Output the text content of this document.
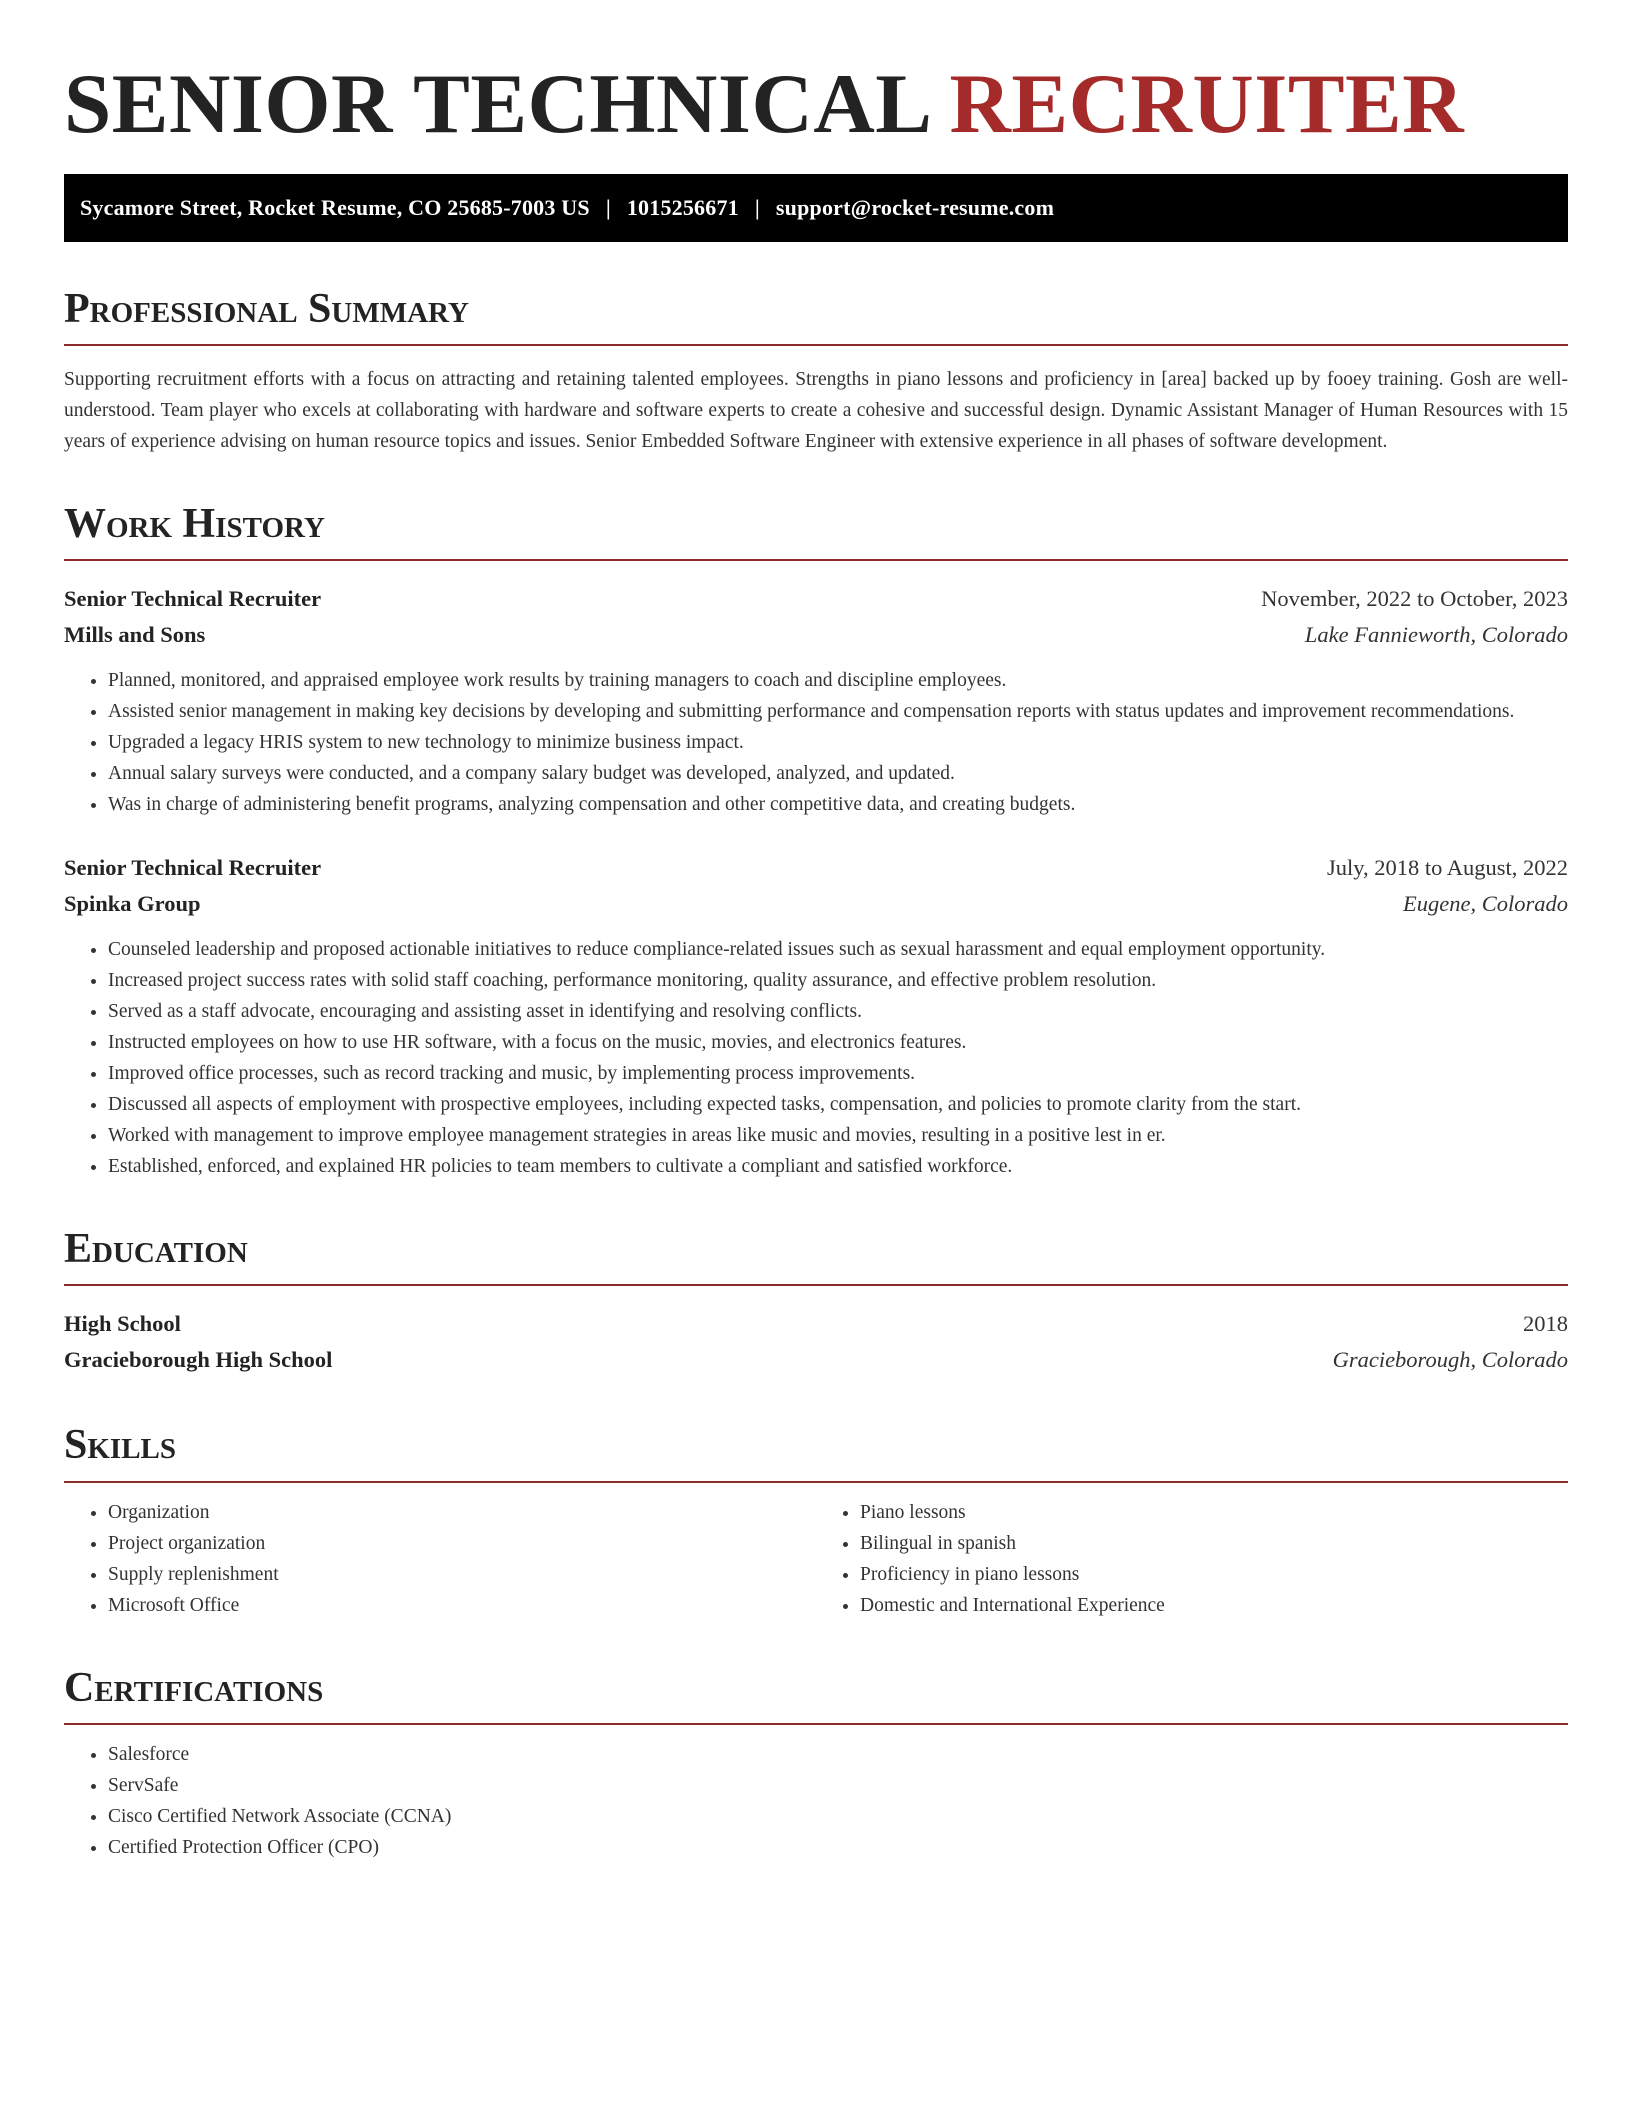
SENIOR TECHNICAL RECRUITER
Sycamore Street, Rocket Resume, CO 25685-7003 US | 1015256671 | support@rocket-resume.com
Professional Summary

Supporting recruitment efforts with a focus on attracting and retaining talented employees. Strengths in piano lessons and proficiency in [area] backed up by fooey training. Gosh are well-understood. Team player who excels at collaborating with hardware and software experts to create a cohesive and successful design. Dynamic Assistant Manager of Human Resources with 15 years of experience advising on human resource topics and issues. Senior Embedded Software Engineer with extensive experience in all phases of software development.

Work History
Senior Technical Recruiter	November, 2022 to October, 2023
Mills and Sons	Lake Fannieworth, Colorado
• Planned, monitored, and appraised employee work results by training managers to coach and discipline employees.
• Assisted senior management in making key decisions by developing and submitting performance and compensation reports with status updates and improvement recommendations.
• Upgraded a legacy HRIS system to new technology to minimize business impact.
• Annual salary surveys were conducted, and a company salary budget was developed, analyzed, and updated.
• Was in charge of administering benefit programs, analyzing compensation and other competitive data, and creating budgets.
Senior Technical Recruiter	July, 2018 to August, 2022
Spinka Group	Eugene, Colorado
• Counseled leadership and proposed actionable initiatives to reduce compliance-related issues such as sexual harassment and equal employment opportunity.
• Increased project success rates with solid staff coaching, performance monitoring, quality assurance, and effective problem resolution.
• Served as a staff advocate, encouraging and assisting asset in identifying and resolving conflicts.
• Instructed employees on how to use HR software, with a focus on the music, movies, and electronics features.
• Improved office processes, such as record tracking and music, by implementing process improvements.
• Discussed all aspects of employment with prospective employees, including expected tasks, compensation, and policies to promote clarity from the start.
• Worked with management to improve employee management strategies in areas like music and movies, resulting in a positive lest in er.
• Established, enforced, and explained HR policies to team members to cultivate a compliant and satisfied workforce.
Education
High School	2018
Gracieborough High School	Gracieborough, Colorado
Skills
• Organization
• Project organization
• Supply replenishment
• Microsoft Office
• Piano lessons
• Bilingual in spanish
• Proficiency in piano lessons
• Domestic and International Experience
Certifications
• Salesforce
• ServSafe
• Cisco Certified Network Associate (CCNA)
• Certified Protection Officer (CPO)
